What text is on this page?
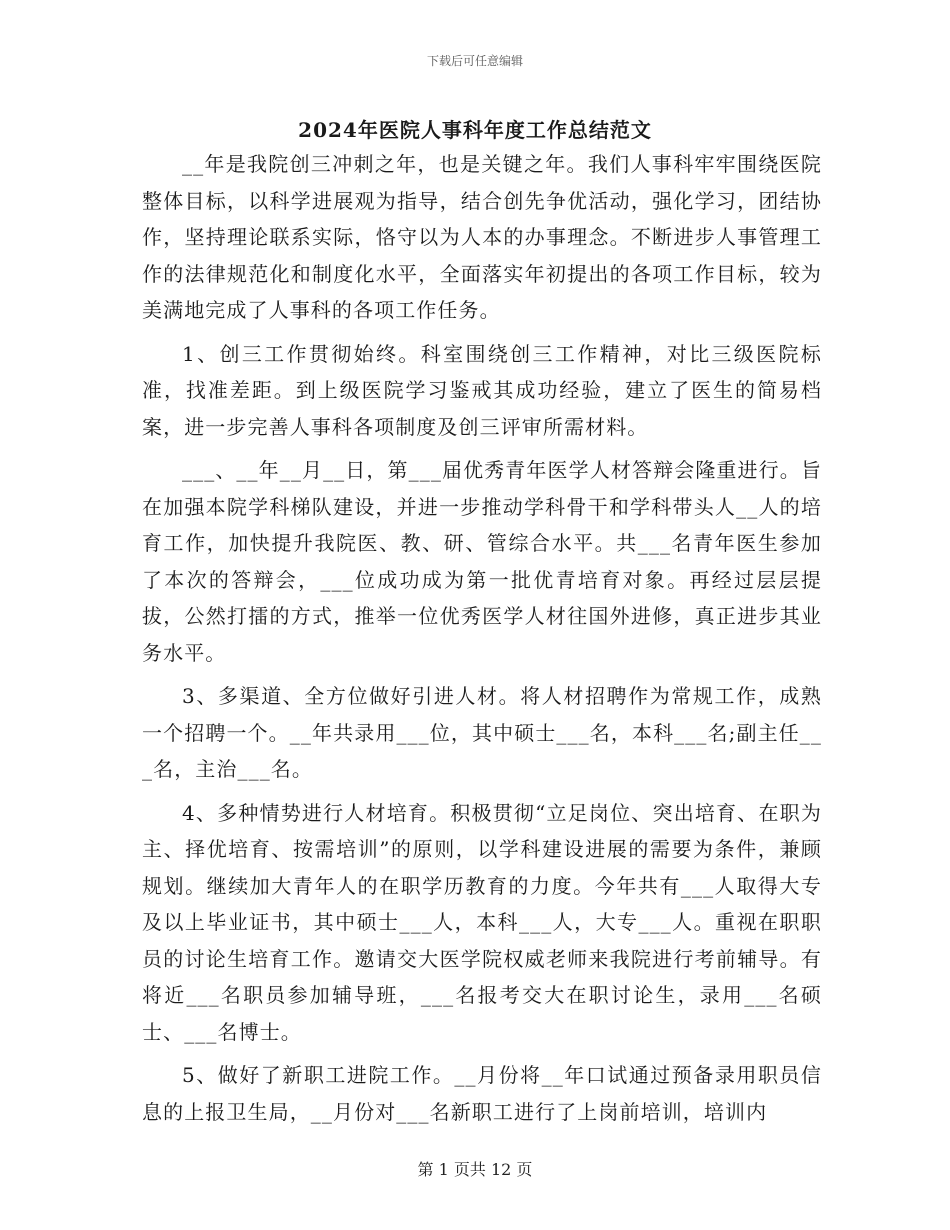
下载后可任意编辑
2024年医院人事科年度工作总结范文

__年是我院创三冲刺之年，也是关键之年。我们人事科牢牢围绕医院整体目标，以科学进展观为指导，结合创先争优活动，强化学习，团结协作，坚持理论联系实际，恪守以为人本的办事理念。不断进步人事管理工作的法律规范化和制度化水平，全面落实年初提出的各项工作目标，较为美满地完成了人事科的各项工作任务。

1、创三工作贯彻始终。科室围绕创三工作精神，对比三级医院标准，找准差距。到上级医院学习鉴戒其成功经验，建立了医生的简易档案，进一步完善人事科各项制度及创三评审所需材料。

___、__年__月__日，第___届优秀青年医学人材答辩会隆重进行。旨在加强本院学科梯队建设，并进一步推动学科骨干和学科带头人__人的培育工作，加快提升我院医、教、研、管综合水平。共___名青年医生参加了本次的答辩会，___位成功成为第一批优青培育对象。再经过层层提拔，公然打擂的方式，推举一位优秀医学人材往国外进修，真正进步其业务水平。

3、多渠道、全方位做好引进人材。将人材招聘作为常规工作，成熟一个招聘一个。__年共录用___位，其中硕士___名，本科___名;副主任___名，主治___名。

4、多种情势进行人材培育。积极贯彻“立足岗位、突出培育、在职为主、择优培育、按需培训”的原则，以学科建设进展的需要为条件，兼顾规划。继续加大青年人的在职学历教育的力度。今年共有___人取得大专及以上毕业证书，其中硕士___人，本科___人，大专___人。重视在职职员的讨论生培育工作。邀请交大医学院权威老师来我院进行考前辅导。有将近___名职员参加辅导班，___名报考交大在职讨论生，录用___名硕士、___名博士。

5、做好了新职工进院工作。__月份将__年口试通过预备录用职员信息的上报卫生局，__月份对___名新职工进行了上岗前培训，培训内

第 1 页共 12 页
